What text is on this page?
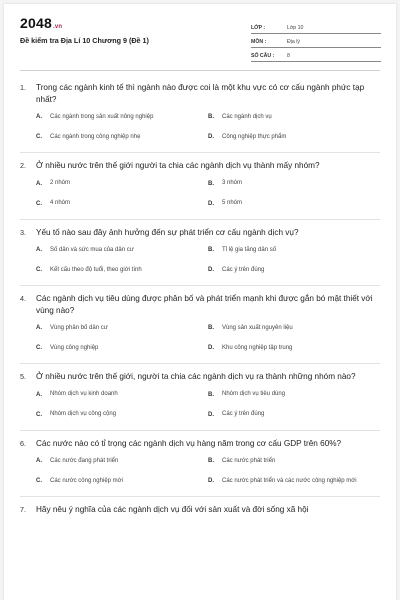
2048.vn
Đề kiểm tra Địa Lí 10 Chương 9 (Đề 1)
LỚP :	Lớp 10
MÔN :	Địa lý
SỐ CÂU :	8
1.	Trong các ngành kinh tế thì ngành nào được coi là một khu vực có cơ cấu ngành phức tạp nhất?
A.	Các ngành trong sản xuất nông nghiệp	B.	Các ngành dịch vụ
C.	Các ngành trong công nghiệp nhẹ	D.	Công nghiệp thực phẩm
2.	Ở nhiều nước trên thế giới người ta chia các ngành dịch vụ thành mấy nhóm?
A.	2 nhóm	B.	3 nhóm
C.	4 nhóm	D.	5 nhóm
3.	Yếu tố nào sau đây ảnh hưởng đến sự phát triển cơ cấu ngành dịch vụ?
A.	Số dân và sức mua của dân cư	B.	Tỉ lệ gia tăng dân số
C.	Kết cấu theo độ tuổi, theo giới tính	D.	Các ý trên đúng
4.	Các ngành dịch vụ tiêu dùng được phân bố và phát triển mạnh khi được gắn bó mật thiết với vùng nào?
A.	Vùng phân bố dân cư	B.	Vùng sản xuất nguyên liệu
C.	Vùng công nghiệp	D.	Khu công nghiệp tập trung
5.	Ở nhiều nước trên thế giới, người ta chia các ngành dịch vụ ra thành những nhóm nào?
A.	Nhóm dịch vụ kinh doanh	B.	Nhóm dịch vụ tiêu dùng
C.	Nhóm dịch vụ công cộng	D.	Các ý trên đúng
6.	Các nước nào có tỉ trọng các ngành dịch vụ hàng năm trong cơ cấu GDP trên 60%?
A.	Các nước đang phát triển	B.	Các nước phát triển
C.	Các nước công nghiệp mới	D.	Các nước phát triển và các nước công nghiệp mới
7.	Hãy nêu ý nghĩa của các ngành dịch vụ đối với sản xuất và đời sống xã hội
